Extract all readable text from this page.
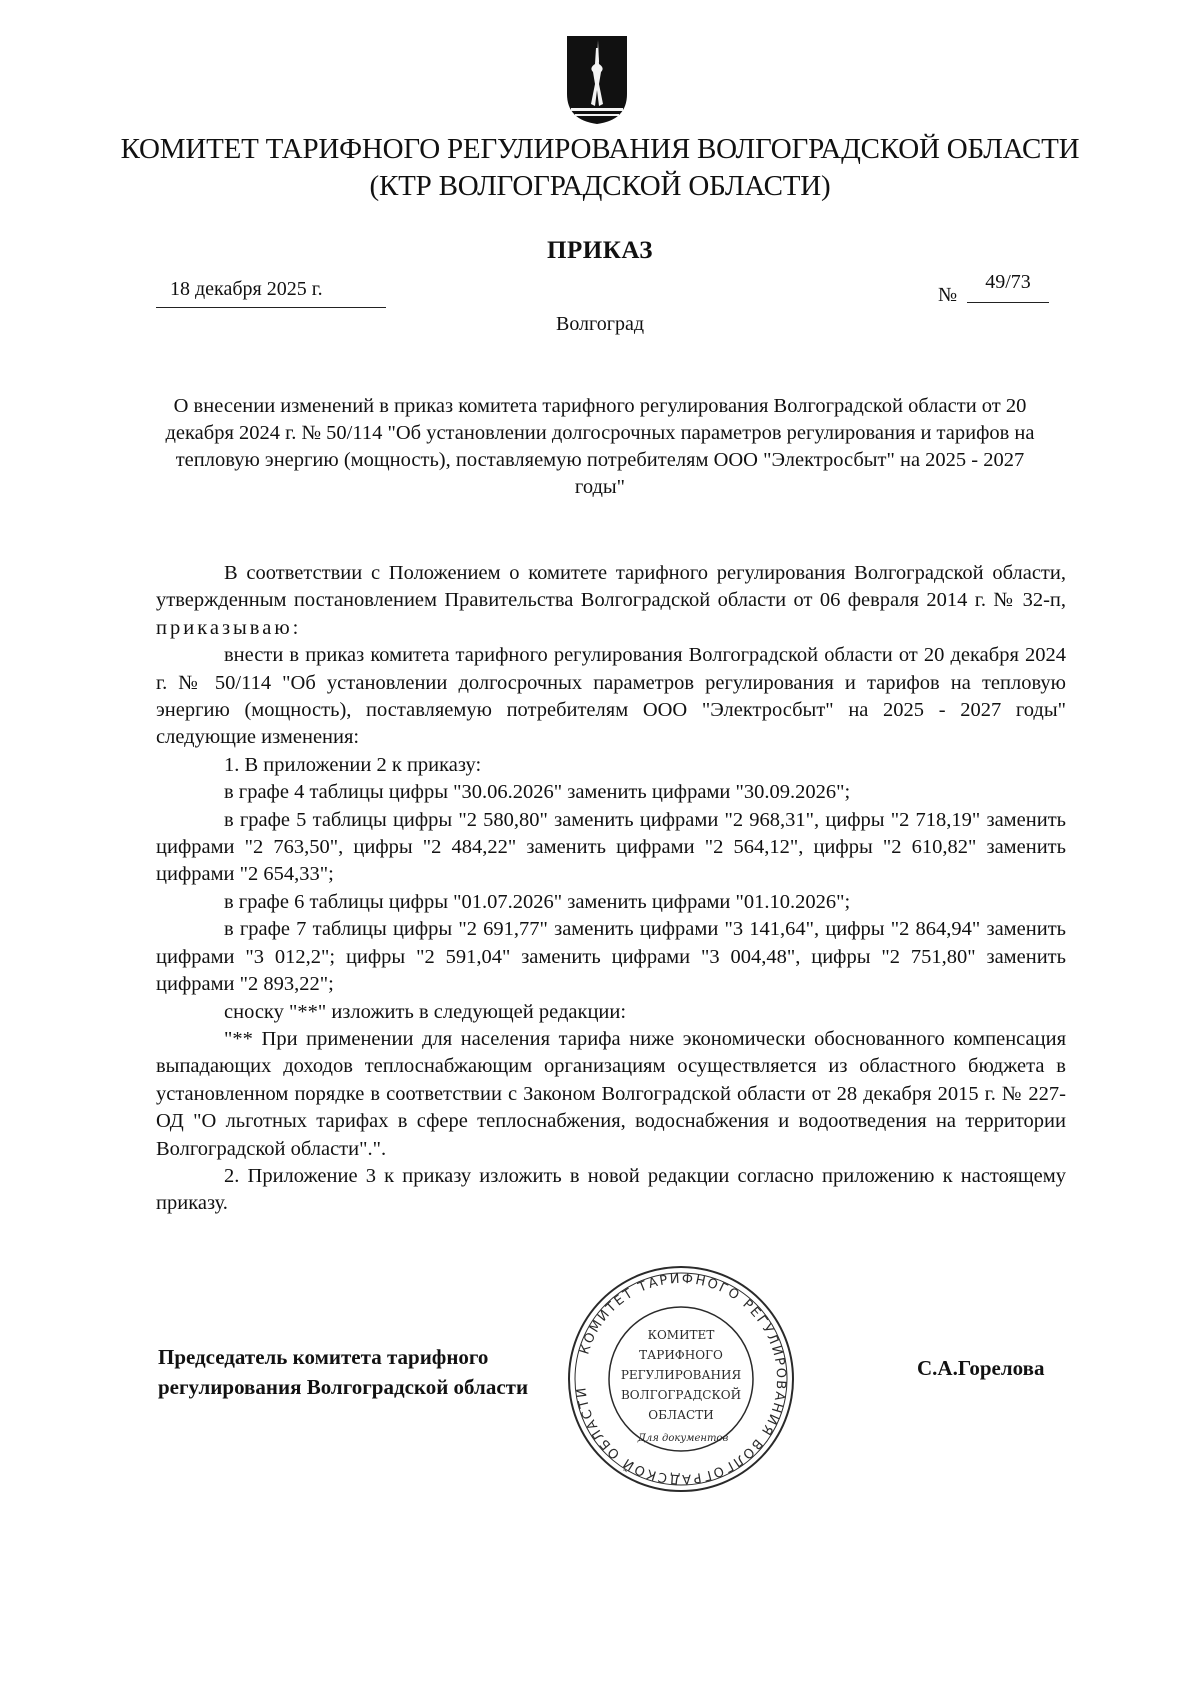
КОМИТЕТ ТАРИФНОГО РЕГУЛИРОВАНИЯ ВОЛГОГРАДСКОЙ ОБЛАСТИ
(КТР ВОЛГОГРАДСКОЙ ОБЛАСТИ)
ПРИКАЗ
18 декабря 2025 г.	№
49/73
Волгоград
О внесении изменений в приказ комитета тарифного регулирования Волгоградской области от 20 декабря 2024 г. № 50/114 "Об установлении долгосрочных параметров регулирования и тарифов на тепловую энергию (мощность), поставляемую потребителям ООО "Электросбыт" на 2025 - 2027 годы"

В соответствии с Положением о комитете тарифного регулирования Волгоградской области, утвержденным постановлением Правительства Волгоградской области от 06 февраля 2014 г. № 32-п, приказываю:

внести в приказ комитета тарифного регулирования Волгоградской области от 20 декабря 2024 г. № 50/114 "Об установлении долгосрочных параметров регулирования и тарифов на тепловую энергию (мощность), поставляемую потребителям ООО "Электросбыт" на 2025 - 2027 годы" следующие изменения:

1. В приложении 2 к приказу:

в графе 4 таблицы цифры "30.06.2026" заменить цифрами "30.09.2026";

в графе 5 таблицы цифры "2 580,80" заменить цифрами "2 968,31", цифры "2 718,19" заменить цифрами "2 763,50", цифры "2 484,22" заменить цифрами "2 564,12", цифры "2 610,82" заменить цифрами "2 654,33";

в графе 6 таблицы цифры "01.07.2026" заменить цифрами "01.10.2026";

в графе 7 таблицы цифры "2 691,77" заменить цифрами "3 141,64", цифры "2 864,94" заменить цифрами "3 012,2"; цифры "2 591,04" заменить цифрами "3 004,48", цифры "2 751,80" заменить цифрами "2 893,22";

сноску "**" изложить в следующей редакции:

"** При применении для населения тарифа ниже экономически обоснованного компенсация выпадающих доходов теплоснабжающим организациям осуществляется из областного бюджета в установленном порядке в соответствии с Законом Волгоградской области от 28 декабря 2015 г. № 227-ОД "О льготных тарифах в сфере теплоснабжения, водоснабжения и водоотведения на территории Волгоградской области".".

2. Приложение 3 к приказу изложить в новой редакции согласно приложению к настоящему приказу.

Председатель комитета тарифного
регулирования Волгоградской области
С.А.Горелова
КОМИТЕТ ТАРИФНОГО РЕГУЛИРОВАНИЯ ВОЛГОГРАДСКОЙ ОБЛАСТИ
КОМИТЕТ
ТАРИФНОГО
РЕГУЛИРОВАНИЯ
ВОЛГОГРАДСКОЙ
ОБЛАСТИ
Для документов
